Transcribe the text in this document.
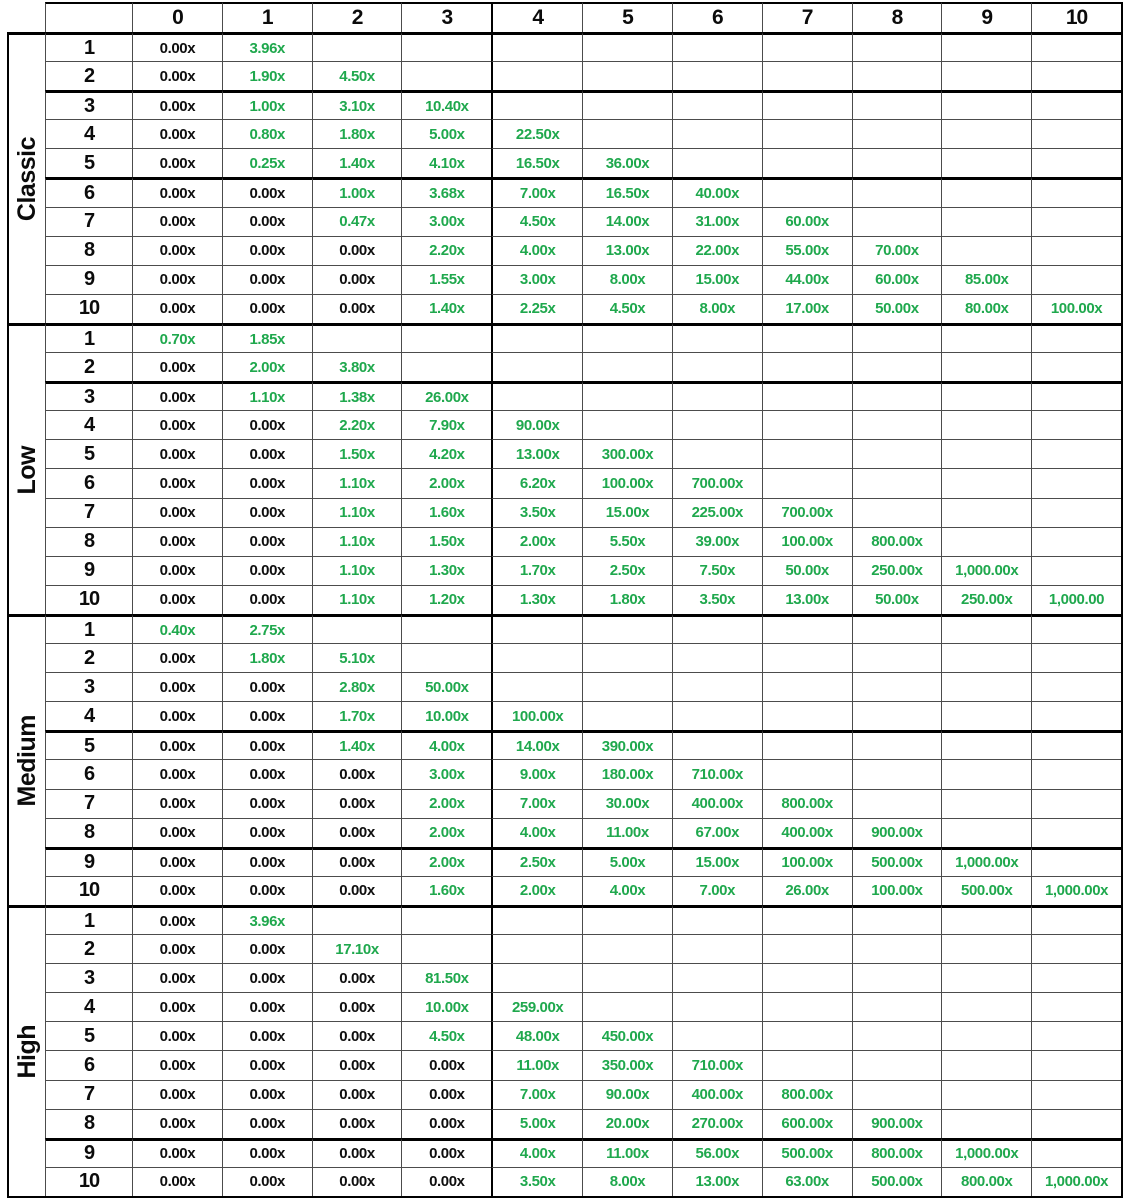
0	1	2	3	4	5	6	7	8	9	10
Classic
1	0.00x	3.96x
2	0.00x	1.90x	4.50x
3	0.00x	1.00x	3.10x	10.40x
4	0.00x	0.80x	1.80x	5.00x	22.50x
5	0.00x	0.25x	1.40x	4.10x	16.50x	36.00x
6	0.00x	0.00x	1.00x	3.68x	7.00x	16.50x	40.00x
7	0.00x	0.00x	0.47x	3.00x	4.50x	14.00x	31.00x	60.00x
8	0.00x	0.00x	0.00x	2.20x	4.00x	13.00x	22.00x	55.00x	70.00x
9	0.00x	0.00x	0.00x	1.55x	3.00x	8.00x	15.00x	44.00x	60.00x	85.00x
10	0.00x	0.00x	0.00x	1.40x	2.25x	4.50x	8.00x	17.00x	50.00x	80.00x	100.00x
Low
1	0.70x	1.85x
2	0.00x	2.00x	3.80x
3	0.00x	1.10x	1.38x	26.00x
4	0.00x	0.00x	2.20x	7.90x	90.00x
5	0.00x	0.00x	1.50x	4.20x	13.00x	300.00x
6	0.00x	0.00x	1.10x	2.00x	6.20x	100.00x	700.00x
7	0.00x	0.00x	1.10x	1.60x	3.50x	15.00x	225.00x	700.00x
8	0.00x	0.00x	1.10x	1.50x	2.00x	5.50x	39.00x	100.00x	800.00x
9	0.00x	0.00x	1.10x	1.30x	1.70x	2.50x	7.50x	50.00x	250.00x	1,000.00x
10	0.00x	0.00x	1.10x	1.20x	1.30x	1.80x	3.50x	13.00x	50.00x	250.00x	1,000.00
Medium
1	0.40x	2.75x
2	0.00x	1.80x	5.10x
3	0.00x	0.00x	2.80x	50.00x
4	0.00x	0.00x	1.70x	10.00x	100.00x
5	0.00x	0.00x	1.40x	4.00x	14.00x	390.00x
6	0.00x	0.00x	0.00x	3.00x	9.00x	180.00x	710.00x
7	0.00x	0.00x	0.00x	2.00x	7.00x	30.00x	400.00x	800.00x
8	0.00x	0.00x	0.00x	2.00x	4.00x	11.00x	67.00x	400.00x	900.00x
9	0.00x	0.00x	0.00x	2.00x	2.50x	5.00x	15.00x	100.00x	500.00x	1,000.00x
10	0.00x	0.00x	0.00x	1.60x	2.00x	4.00x	7.00x	26.00x	100.00x	500.00x	1,000.00x
High
1	0.00x	3.96x
2	0.00x	0.00x	17.10x
3	0.00x	0.00x	0.00x	81.50x
4	0.00x	0.00x	0.00x	10.00x	259.00x
5	0.00x	0.00x	0.00x	4.50x	48.00x	450.00x
6	0.00x	0.00x	0.00x	0.00x	11.00x	350.00x	710.00x
7	0.00x	0.00x	0.00x	0.00x	7.00x	90.00x	400.00x	800.00x
8	0.00x	0.00x	0.00x	0.00x	5.00x	20.00x	270.00x	600.00x	900.00x
9	0.00x	0.00x	0.00x	0.00x	4.00x	11.00x	56.00x	500.00x	800.00x	1,000.00x
10	0.00x	0.00x	0.00x	0.00x	3.50x	8.00x	13.00x	63.00x	500.00x	800.00x	1,000.00x
